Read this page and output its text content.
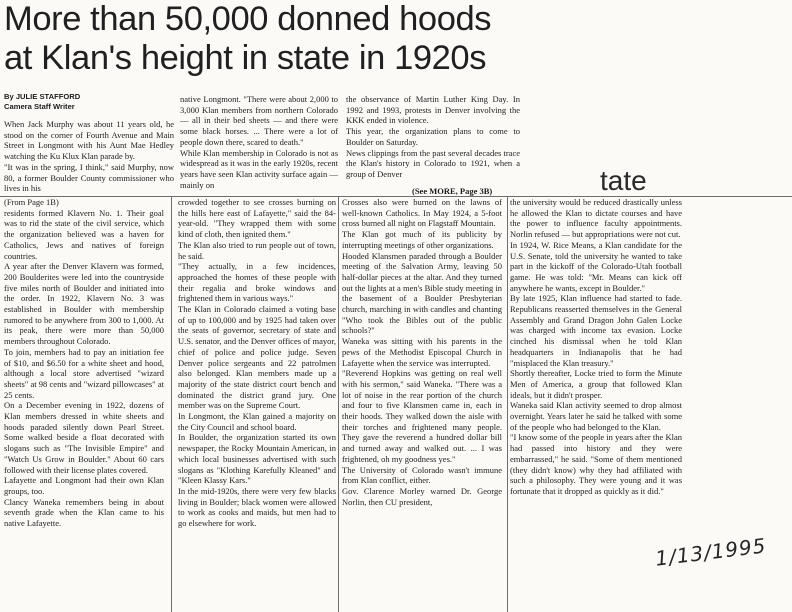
More than 50,000 donned hoods
at Klan's height in state in 1920s
By JULIE STAFFORD
Camera Staff Writer
When Jack Murphy was about 11 years old, he stood on the corner of Fourth Avenue and Main Street in Longmont with his Aunt Mae Hedley watching the Ku Klux Klan parade by.
"It was in the spring, I think," said Murphy, now 80, a former Boulder County commissioner who lives in his
native Longmont. "There were about 2,000 to 3,000 Klan members from northern Colorado — all in their bed sheets — and there were some black horses. ... There were a lot of people down there, scared to death."
While Klan membership in Colorado is not as widespread as it was in the early 1920s, recent years have seen Klan activity surface again — mainly on
the observance of Martin Luther King Day. In 1992 and 1993, protests in Denver involving the KKK ended in violence.
This year, the organization plans to come to Boulder on Saturday.
News clippings from the past several decades trace the Klan's history in Colorado to 1921, when a group of Denver
(See MORE, Page 3B)	tate
(From Page 1B)
residents formed Klavern No. 1. Their goal was to rid the state of the civil service, which the organization believed was a haven for Catholics, Jews and natives of foreign countries.
A year after the Denver Klavern was formed, 200 Boulderites were led into the countryside five miles north of Boulder and initiated into the order. In 1922, Klavern No. 3 was established in Boulder with membership rumored to be anywhere from 300 to 1,000. At its peak, there were more than 50,000 members throughout Colorado.
To join, members had to pay an initiation fee of $10, and $6.50 for a white sheet and hood, although a local store advertised "wizard sheets" at 98 cents and "wizard pillowcases" at 25 cents.
On a December evening in 1922, dozens of Klan members dressed in white sheets and hoods paraded silently down Pearl Street. Some walked beside a float decorated with slogans such as "The Invisible Empire" and "Watch Us Grow in Boulder." About 60 cars followed with their license plates covered.
Lafayette and Longmont had their own Klan groups, too.
Clancy Waneka remembers being in about seventh grade when the Klan came to his native Lafayette.
crowded together to see crosses burning on the hills here east of Lafayette," said the 84-year-old. "They wrapped them with some kind of cloth, then ignited them."
The Klan also tried to run people out of town, he said.
"They actually, in a few incidences, approached the homes of these people with their regalia and broke windows and frightened them in various ways."
The Klan in Colorado claimed a voting base of up to 100,000 and by 1925 had taken over the seats of governor, secretary of state and U.S. senator, and the Denver offices of mayor, chief of police and police judge. Seven Denver police sergeants and 22 patrolmen also belonged. Klan members made up a majority of the state district court bench and dominated the district grand jury. One member was on the Supreme Court.
In Longmont, the Klan gained a majority on the City Council and school board.
In Boulder, the organization started its own newspaper, the Rocky Mountain American, in which local businesses advertised with such slogans as "Klothing Karefully Kleaned" and "Kleen Klassy Kars."
In the mid-1920s, there were very few blacks living in Boulder; black women were allowed to work as cooks and maids, but men had to go elsewhere for work.
Crosses also were burned on the lawns of well-known Catholics. In May 1924, a 5-foot cross burned all night on Flagstaff Mountain.
The Klan got much of its publicity by interrupting meetings of other organizations.
Hooded Klansmen paraded through a Boulder meeting of the Salvation Army, leaving 50 half-dollar pieces at the altar. And they turned out the lights at a men's Bible study meeting in the basement of a Boulder Presbyterian church, marching in with candles and chanting "Who took the Bibles out of the public schools?"
Waneka was sitting with his parents in the pews of the Methodist Episcopal Church in Lafayette when the service was interrupted.
"Reverend Hopkins was getting on real well with his sermon," said Waneka. "There was a lot of noise in the rear portion of the church and four to five Klansmen came in, each in their hoods. They walked down the aisle with their torches and frightened many people. They gave the reverend a hundred dollar bill and turned away and walked out. ... I was frightened, oh my goodness yes."
The University of Colorado wasn't immune from Klan conflict, either.
Gov. Clarence Morley warned Dr. George Norlin, then CU president,
the university would be reduced drastically unless he allowed the Klan to dictate courses and have the power to influence faculty appointments. Norlin refused — but appropriations were not cut.
In 1924, W. Rice Means, a Klan candidate for the U.S. Senate, told the university he wanted to take part in the kickoff of the Colorado-Utah football game. He was told: "Mr. Means can kick off anywhere he wants, except in Boulder."
By late 1925, Klan influence had started to fade. Republicans reasserted themselves in the General Assembly and Grand Dragon John Galen Locke was charged with income tax evasion. Locke cinched his dismissal when he told Klan headquarters in Indianapolis that he had "misplaced the Klan treasury."
Shortly thereafter, Locke tried to form the Minute Men of America, a group that followed Klan ideals, but it didn't prosper.
Waneka said Klan activity seemed to drop almost overnight. Years later he said he talked with some of the people who had belonged to the Klan.
"I know some of the people in years after the Klan had passed into history and they were embarrassed," he said. "Some of them mentioned (they didn't know) why they had affiliated with such a philosophy. They were young and it was fortunate that it dropped as quickly as it did."
1/13/1995
